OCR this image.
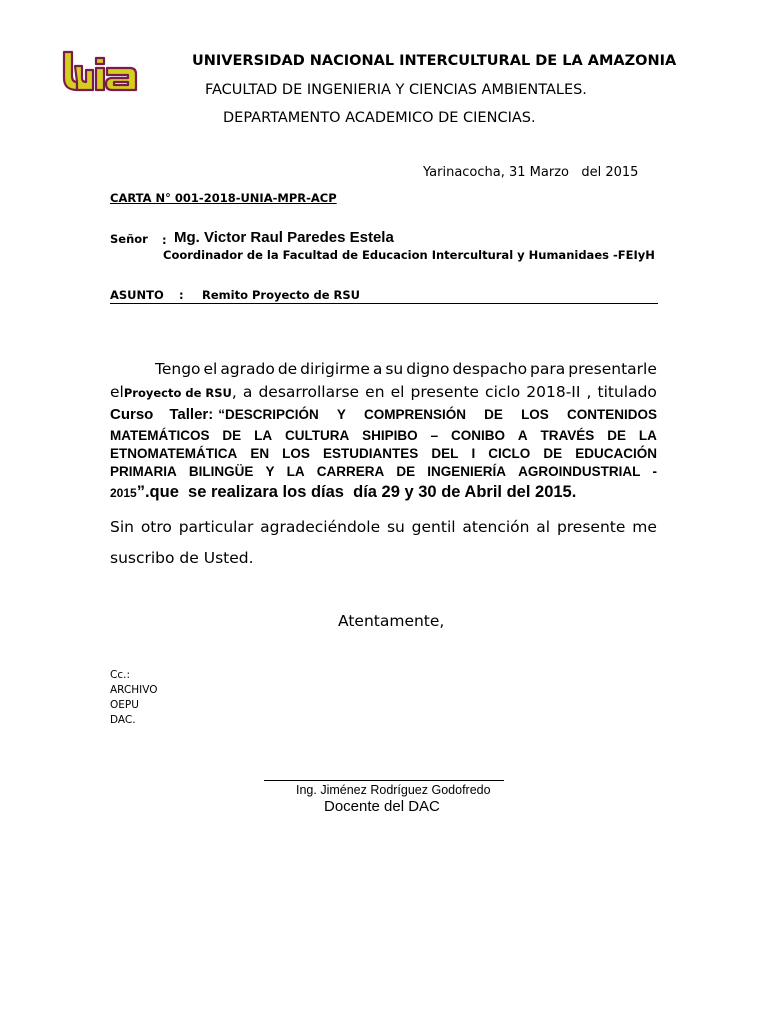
UNIVERSIDAD NACIONAL INTERCULTURAL DE LA AMAZONIA
FACULTAD DE INGENIERIA Y CIENCIAS AMBIENTALES.
DEPARTAMENTO ACADEMICO DE CIENCIAS.
Yarinacocha, 31 Marzo   del 2015
CARTA N° 001-2018-UNIA-MPR-ACP
Señor : Mg. Victor Raul Paredes Estela
Coordinador de la Facultad de Educacion Intercultural y Humanidaes -FEIyH
ASUNTO : Remito Proyecto de RSU
Tengo el agrado de dirigirme a su digno despacho para presentarle
el Proyecto de RSU , a desarrollarse en el presente ciclo 2018-II , titulado
Curso Taller: “DESCRIPCIÓN Y COMPRENSIÓN DE LOS CONTENIDOS
MATEMÁTICOS DE LA CULTURA SHIPIBO – CONIBO A TRAVÉS DE LA
ETNOMATEMÁTICA EN LOS ESTUDIANTES DEL I CICLO DE EDUCACIÓN
PRIMARIA BILINGÜE Y LA CARRERA DE INGENIERÍA AGROINDUSTRIAL -
2015”.que  se realizara los días  día 29 y 30 de Abril del 2015.
Sin otro particular agradeciéndole su gentil atención al presente me
suscribo de Usted.
Atentamente,
Cc.:
ARCHIVO
OEPU
DAC.
Ing. Jiménez Rodríguez Godofredo
Docente del DAC
